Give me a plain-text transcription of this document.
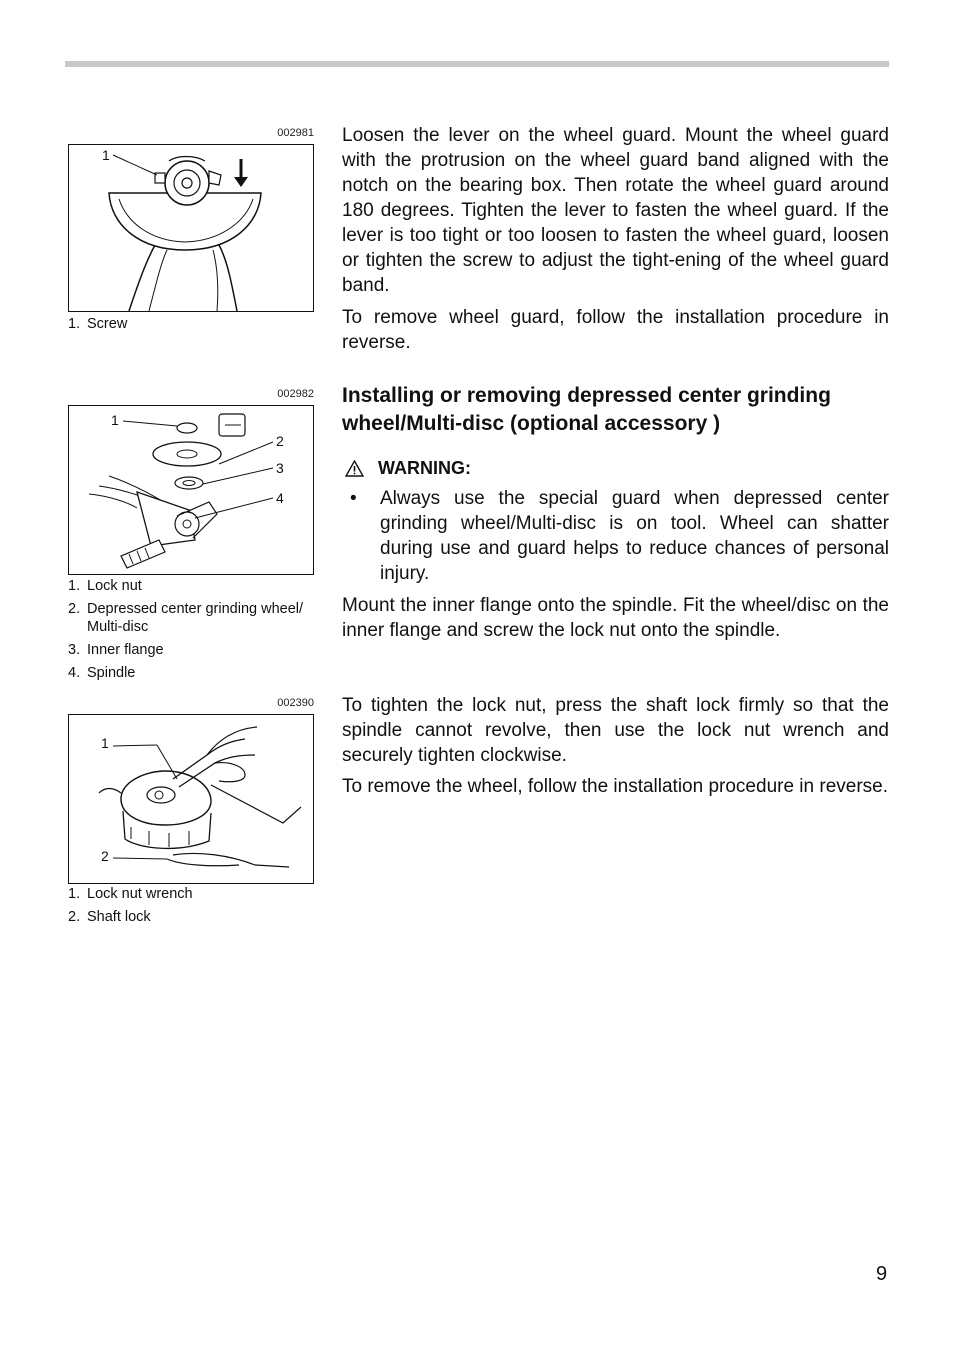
002981
1
1. Screw
002982
1
2
3
4
1. Lock nut
2. Depressed center grinding wheel/ Multi-disc
3. Inner flange
4. Spindle
002390
1
2
1. Lock nut wrench
2. Shaft lock

Loosen the lever on the wheel guard. Mount the wheel guard with the protrusion on the wheel guard band aligned with the notch on the bearing box. Then rotate the wheel guard around 180 degrees. Tighten the lever to fasten the wheel guard. If the lever is too tight or too loosen to fasten the wheel guard, loosen or tighten the screw to adjust the tight-ening of the wheel guard band.

To remove wheel guard, follow the installation procedure in reverse.

Installing or removing depressed center grinding wheel/Multi-disc (optional accessory )
WARNING:
• Always use the special guard when depressed center grinding wheel/Multi-disc is on tool. Wheel can shatter during use and guard helps to reduce chances of personal injury.

Mount the inner flange onto the spindle. Fit the wheel/disc on the inner flange and screw the lock nut onto the spindle.

To tighten the lock nut, press the shaft lock firmly so that the spindle cannot revolve, then use the lock nut wrench and securely tighten clockwise.

To remove the wheel, follow the installation procedure in reverse.

9
